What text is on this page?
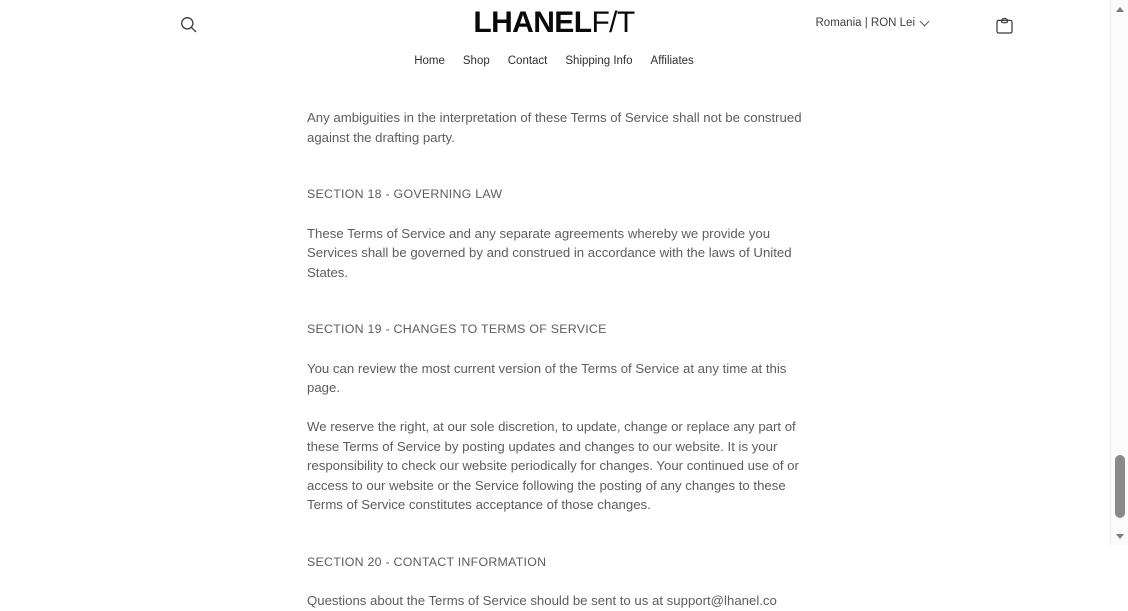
LHANELF/T	Romania | RON Lei
Home Shop Contact Shipping Info Affiliates

Any ambiguities in the interpretation of these Terms of Service shall not be construed against the drafting party.

SECTION 18 - GOVERNING LAW

These Terms of Service and any separate agreements whereby we provide you Services shall be governed by and construed in accordance with the laws of United States.

SECTION 19 - CHANGES TO TERMS OF SERVICE

You can review the most current version of the Terms of Service at any time at this page.

We reserve the right, at our sole discretion, to update, change or replace any part of these Terms of Service by posting updates and changes to our website. It is your responsibility to check our website periodically for changes. Your continued use of or access to our website or the Service following the posting of any changes to these Terms of Service constitutes acceptance of those changes.

SECTION 20 - CONTACT INFORMATION

Questions about the Terms of Service should be sent to us at support@lhanel.co
